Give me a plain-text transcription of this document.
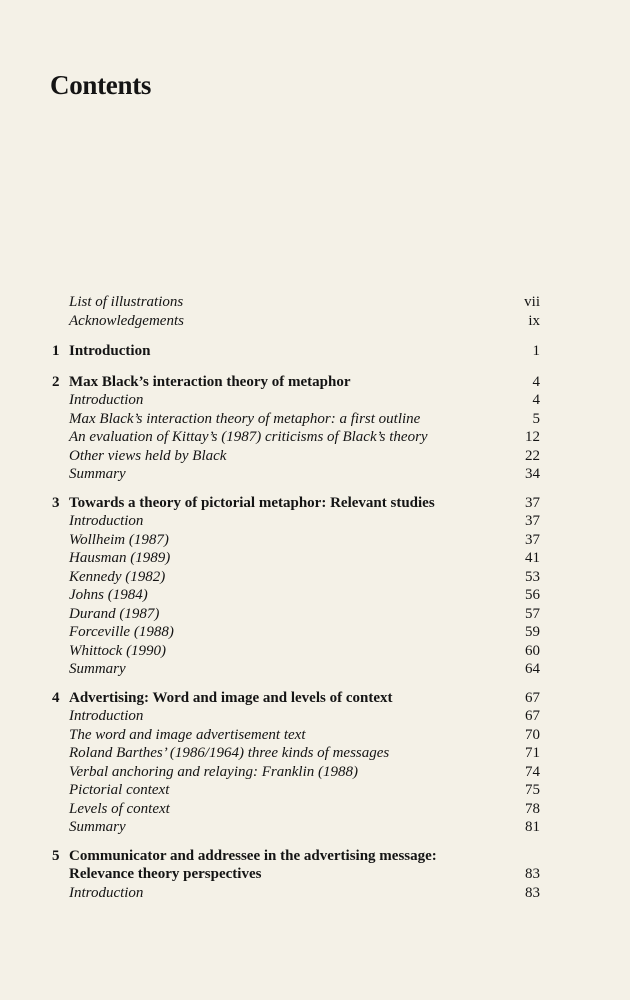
Contents
List of illustrations	vii
Acknowledgements	ix
1 Introduction	1
2 Max Black’s interaction theory of metaphor	4
Introduction	4
Max Black’s interaction theory of metaphor: a first outline	5
An evaluation of Kittay’s (1987) criticisms of Black’s theory	12
Other views held by Black	22
Summary	34
3 Towards a theory of pictorial metaphor: Relevant studies	37
Introduction	37
Wollheim (1987)	37
Hausman (1989)	41
Kennedy (1982)	53
Johns (1984)	56
Durand (1987)	57
Forceville (1988)	59
Whittock (1990)	60
Summary	64
4 Advertising: Word and image and levels of context	67
Introduction	67
The word and image advertisement text	70
Roland Barthes’ (1986/1964) three kinds of messages	71
Verbal anchoring and relaying: Franklin (1988)	74
Pictorial context	75
Levels of context	78
Summary	81
5 Communicator and addressee in the advertising message:
Relevance theory perspectives	83
Introduction	83
